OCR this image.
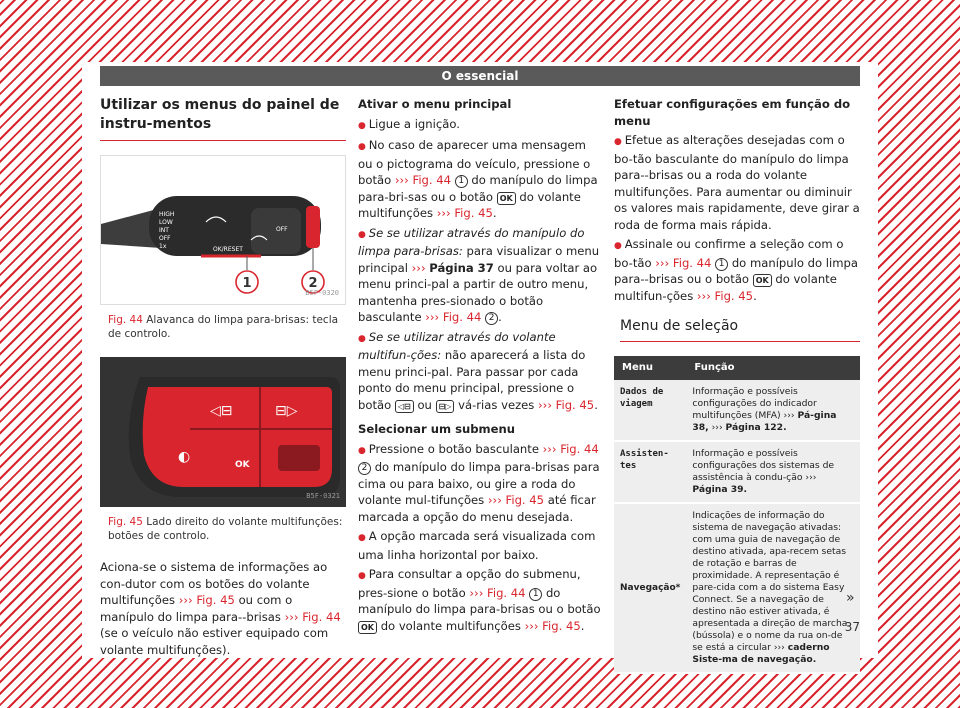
O essencial
Utilizar os menus do painel de instru-mentos
HIGH
LOW
INT
OFF
1x	OK/RESET
OFF
1	2
B5F-0320
Fig. 44 Alavanca do limpa para-brisas: tecla de controlo.
◁⊟	⊟▷
◐	OK
B5F-0321
Fig. 45 Lado direito do volante multifunções: botões de controlo.

Aciona-se o sistema de informações ao con-dutor com os botões do volante multifunções ››› Fig. 45 ou com o manípulo do limpa para--brisas ››› Fig. 44 (se o veículo não estiver equipado com volante multifunções).

Ativar o menu principal

● Ligue a ignição.

● No caso de aparecer uma mensagem ou o pictograma do veículo, pressione o botão ››› Fig. 44 1 do manípulo do limpa para-bri-sas ou o botão OK do volante multifunções ››› Fig. 45.

● Se se utilizar através do manípulo do limpa para-brisas: para visualizar o menu principal ››› Página 37 ou para voltar ao menu princi-pal a partir de outro menu, mantenha pres-sionado o botão basculante ››› Fig. 44 2 .

● Se se utilizar através do volante multifun-ções: não aparecerá a lista do menu princi-pal. Para passar por cada ponto do menu principal, pressione o botão ◁⊟ ou ⊟▷ vá-rias vezes ››› Fig. 45.

Selecionar um submenu

● Pressione o botão basculante ››› Fig. 44 2 do manípulo do limpa para-brisas para cima ou para baixo, ou gire a roda do volante mul-tifunções ››› Fig. 45 até ficar marcada a opção do menu desejada.

● A opção marcada será visualizada com uma linha horizontal por baixo.

● Para consultar a opção do submenu, pres-sione o botão ››› Fig. 44 1 do manípulo do limpa para-brisas ou o botão OK do volante multifunções ››› Fig. 45.

Efetuar configurações em função do menu

● Efetue as alterações desejadas com o bo-tão basculante do manípulo do limpa para--brisas ou a roda do volante multifunções. Para aumentar ou diminuir os valores mais rapidamente, deve girar a roda de forma mais rápida.

● Assinale ou confirme a seleção com o bo-tão ››› Fig. 44 1 do manípulo do limpa para--brisas ou o botão OK do volante multifun-ções ››› Fig. 45.

Menu de seleção
Menu	Função
Dados de viagem	Informação e possíveis configurações do indicador multifunções (MFA) ››› Pá-gina 38, ››› Página 122.
Assisten-tes	Informação e possíveis configurações dos sistemas de assistência à condu-ção ››› Página 39.
Navegação*	Indicações de informação do sistema de navegação ativadas: com uma guia de navegação de destino ativada, apa-recem setas de rotação e barras de proximidade. A representação é pare-cida com a do sistema Easy Connect. Se a navegação de destino não estiver ativada, é apresentada a direção de marcha (bússola) e o nome da rua on-de se está a circular ››› caderno Siste-ma de navegação.
»
37
